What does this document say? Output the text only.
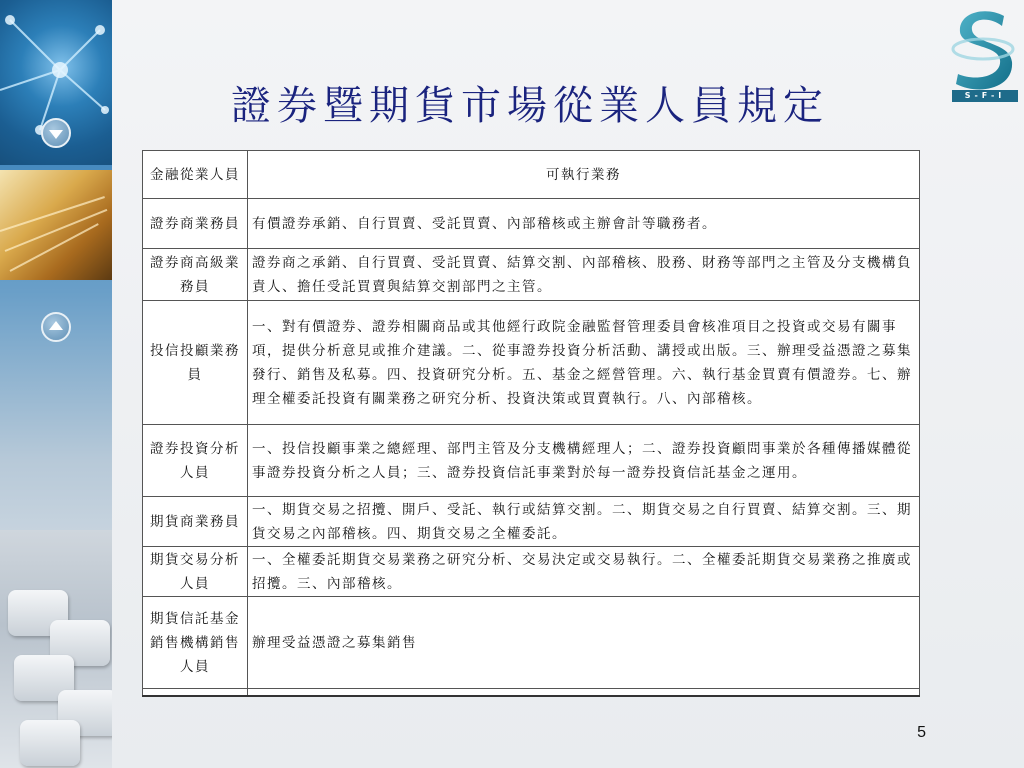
證券暨期貨市場從業人員規定	S-F-I
金融從業人員	可執行業務
證券商業務員	有價證券承銷、自行買賣、受託買賣、內部稽核或主辦會計等職務者。
證券商高級業務員	證券商之承銷、自行買賣、受託買賣、結算交割、內部稽核、股務、財務等部門之主管及分支機構負責人、擔任受託買賣與結算交割部門之主管。
投信投顧業務員	一、對有價證券、證券相關商品或其他經行政院金融監督管理委員會核准項目之投資或交易有關事項，提供分析意見或推介建議。二、從事證券投資分析活動、講授或出版。三、辦理受益憑證之募集發行、銷售及私募。四、投資研究分析。五、基金之經營管理。六、執行基金買賣有價證券。七、辦理全權委託投資有關業務之研究分析、投資決策或買賣執行。八、內部稽核。
證券投資分析人員	一、投信投顧事業之總經理、部門主管及分支機構經理人；二、證券投資顧問事業於各種傳播媒體從事證券投資分析之人員；三、證券投資信託事業對於每一證券投資信託基金之運用。
期貨商業務員	一、期貨交易之招攬、開戶、受託、執行或結算交割。二、期貨交易之自行買賣、結算交割。三、期貨交易之內部稽核。四、期貨交易之全權委託。
期貨交易分析人員	一、全權委託期貨交易業務之研究分析、交易決定或交易執行。二、全權委託期貨交易業務之推廣或招攬。三、內部稽核。
期貨信託基金銷售機構銷售人員	辦理受益憑證之募集銷售

5
